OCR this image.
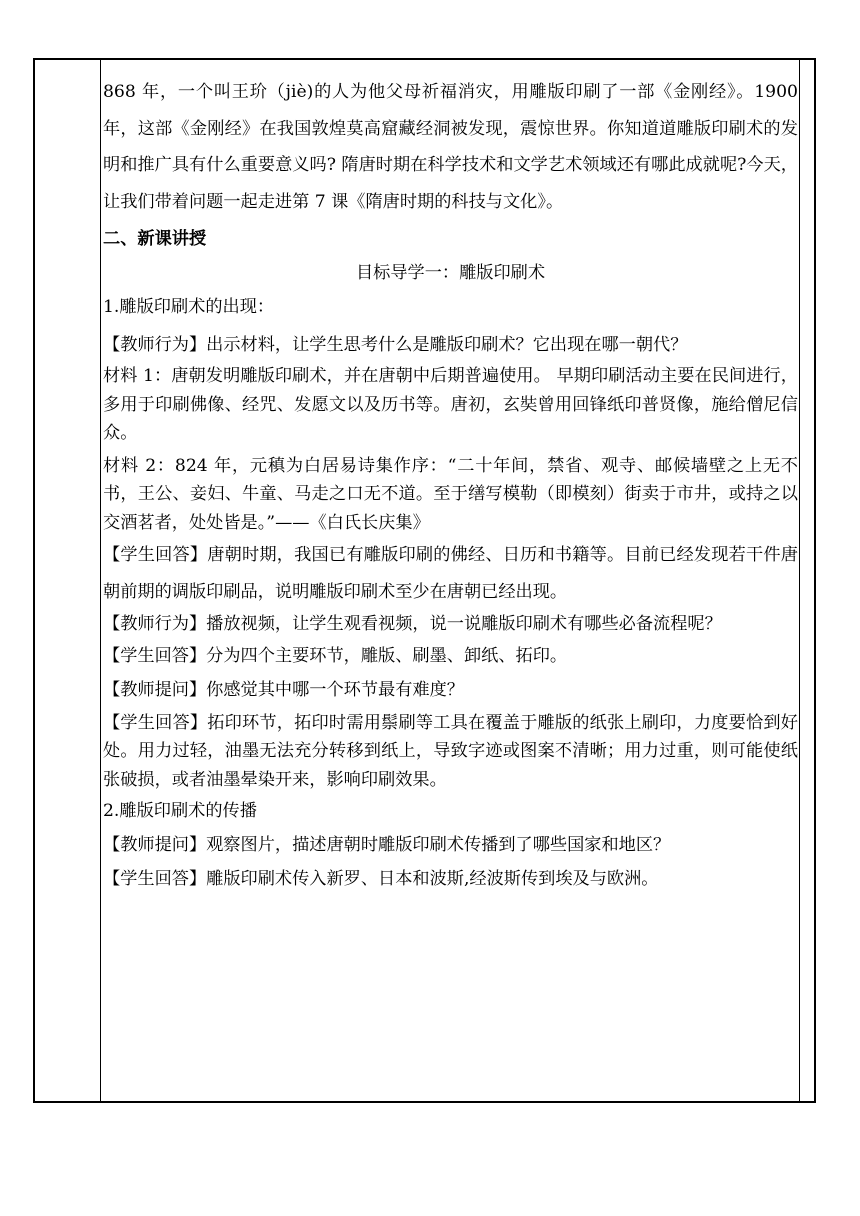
868 年，一个叫王玠（jiè)的人为他父母祈福消灾，用雕版印刷了一部《金刚经》。1900 年，这部《金刚经》在我国敦煌莫高窟藏经洞被发现，震惊世界。你知道道雕版印刷术的发明和推广具有什么重要意义吗? 隋唐时期在科学技术和文学艺术领域还有哪此成就呢?今天，让我们带着问题一起走进第 7 课《隋唐时期的科技与文化》。

二、新课讲授

目标导学一：雕版印刷术

1.雕版印刷术的出现：

【教师行为】出示材料，让学生思考什么是雕版印刷术？它出现在哪一朝代？

材料 1：唐朝发明雕版印刷术，并在唐朝中后期普遍使用。 早期印刷活动主要在民间进行，多用于印刷佛像、经咒、发愿文以及历书等。唐初，玄奘曾用回锋纸印普贤像，施给僧尼信众。

材料 2：824 年，元稹为白居易诗集作序：“二十年间，禁省、观寺、邮候墙壁之上无不书，王公、妾妇、牛童、马走之口无不道。至于缮写模勒（即模刻）街卖于市井，或持之以交酒茗者，处处皆是。”——《白氏长庆集》

【学生回答】唐朝时期，我国已有雕版印刷的佛经、日历和书籍等。目前已经发现若干件唐朝前期的调版印刷品，说明雕版印刷术至少在唐朝已经出现。

【教师行为】播放视频，让学生观看视频，说一说雕版印刷术有哪些必备流程呢？

【学生回答】分为四个主要环节，雕版、刷墨、卸纸、拓印。

【教师提问】你感觉其中哪一个环节最有难度？

【学生回答】拓印环节，拓印时需用鬃刷等工具在覆盖于雕版的纸张上刷印，力度要恰到好处。用力过轻，油墨无法充分转移到纸上，导致字迹或图案不清晰；用力过重，则可能使纸张破损，或者油墨晕染开来，影响印刷效果。

2.雕版印刷术的传播

【教师提问】观察图片，描述唐朝时雕版印刷术传播到了哪些国家和地区？

【学生回答】雕版印刷术传入新罗、日本和波斯,经波斯传到埃及与欧洲。
